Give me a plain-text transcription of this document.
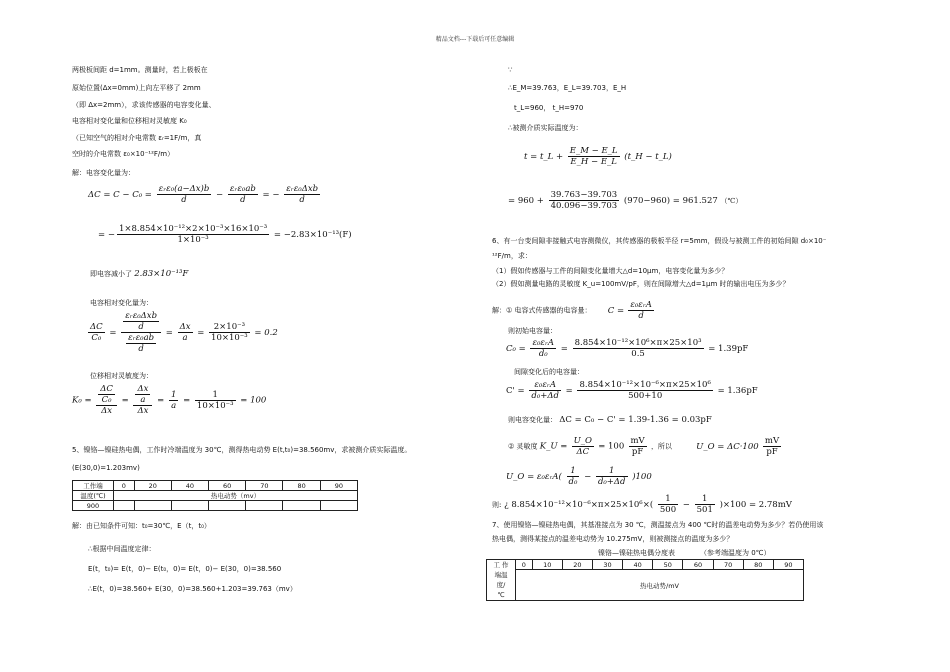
精品文档---下载后可任意编辑
两极板间距 d=1mm。测量时，若上极板在
原始位置(Δx=0mm)上向左平移了 2mm
（即 Δx=2mm），求该传感器的电容变化量、
电容相对变化量和位移相对灵敏度 K₀
（已知空气的相对介电常数 εᵣ=1F/m，真
空时的介电常数 ε₀×10⁻¹²F/m）
解：电容变化量为：
$\Delta C = C - C_0 = \frac{\text{εᵣε₀(a−Δx)b}}{d} - \frac{\text{εᵣε₀ab}}{d}$ = − $\frac{\text{εᵣε₀Δxb}}{d}$
= − $\frac{\text{1×8.854×10⁻¹²×2×10⁻³×16×10⁻³}}{\text{1×10⁻³}} = -2.83\times 10^{-13}(F)$
即电容减小了 2.83×10⁻¹³F
电容相对变化量为：
$\frac{\Delta C}{\text{C₀}} = \frac{\frac{\text{εᵣε₀Δxb}}{d}}{\frac{\text{εᵣε₀ab}}{d}} = \frac{\Delta x}{a} = \frac{\text{2×10⁻³}}{\text{10×10⁻³}} = 0.2$
位移相对灵敏度为：
$K_0 = \frac{\frac{\Delta C}{\text{C₀}}}{\Delta x} = \frac{\frac{\Delta x}{a}}{\Delta x} = \frac{1}{a} = \frac{1}{\text{10×10⁻³}} = 100$
5、镍铬—镍硅热电偶，工作时冷端温度为 30℃，测得热电动势 E(t,t₀)=38.560mv，求被测介质实际温度。
(E(30,0)=1.203mv)
工作端	0	20	40	60	70	80	90
温度(℃)	热电动势（mv）						
900							
解：由已知条件可知：t₀=30℃，E（t，t₀）
∴根据中间温度定律：
E(t，t₀)= E(t，0)− E(t₀，0)= E(t，0)− E(30，0)=38.560
∴E(t，0)=38.560+ E(30，0)=38.560+1.203=39.763（mv）
∵
∴E_M=39.763，E_L=39.703，E_H
t_L=960， t_H=970
∴被测介质实际温度为：
t = t_L + $\frac{E\_M - E\_L}{E\_H - E\_L}$ (t_H − t_L)
= $960 + \frac{39.763-39.703}{40.096-39.703} (970-960) = 961.527$ （℃）
6、有一台变间隙非接触式电容测微仪，其传感器的极板半径 r=5mm，假设与被测工件的初始间隙 d₀×10⁻
¹²F/m，求：
（1）假如传感器与工件的间隙变化量增大△d=10μm，电容变化量为多少？
（2）假如测量电路的灵敏度 K_u=100mV/pF，则在间隙增大△d=1μm 时的输出电压为多少？
解：① 电容式传感器的电容量： $C = \frac{\text{ε₀εᵣA}}{d}$
则初始电容量：
$C_0 = \frac{\text{ε₀εᵣA}}{\text{d₀}} = \frac{\text{8.854×10⁻¹²×10⁶×π×25×10³}}{0.5} = 1.39pF$
间隙变化后的电容量：
$C' = \frac{\text{ε₀εᵣA}}{\text{d₀+Δd}} = \frac{\text{8.854×10⁻¹²×10⁻⁶×π×25×10⁶}}{500+10} = 1.36pF$
则电容变化量： ΔC = C₀ − C' = 1.39-1.36 = 0.03pF
② 灵敏度 K_U = $\frac{U\_O}{\Delta C} = 100 \frac{mV}{pF}$ ，所以	U_O = $\Delta C\cdot 100 \frac{mV}{pF}$
U_O = ε₀εᵣA( $\frac{1}{\text{d₀}} - \frac{1}{\text{d₀+Δd}} )100$
则: ¿ $8.854\times 10^{-12}\times 10^{-6}\times\pi\times 25\times 10^6\times( \frac{1}{500} - \frac{1}{501} )\times 100 = 2.78mV$
7、使用镍铬—镍硅热电偶，其基准接点为 30 ℃，测温接点为 400 ℃时的温差电动势为多少？若仍使用该
热电偶，测得某接点的温差电动势为 10.275mV，则被测接点的温度为多少？
镍铬—镍硅热电偶分度表	（参考端温度为 0℃）
工 作
端温
度/
℃
	0	10	20	30	40	50	60	70	80	90
热电动势/mV
